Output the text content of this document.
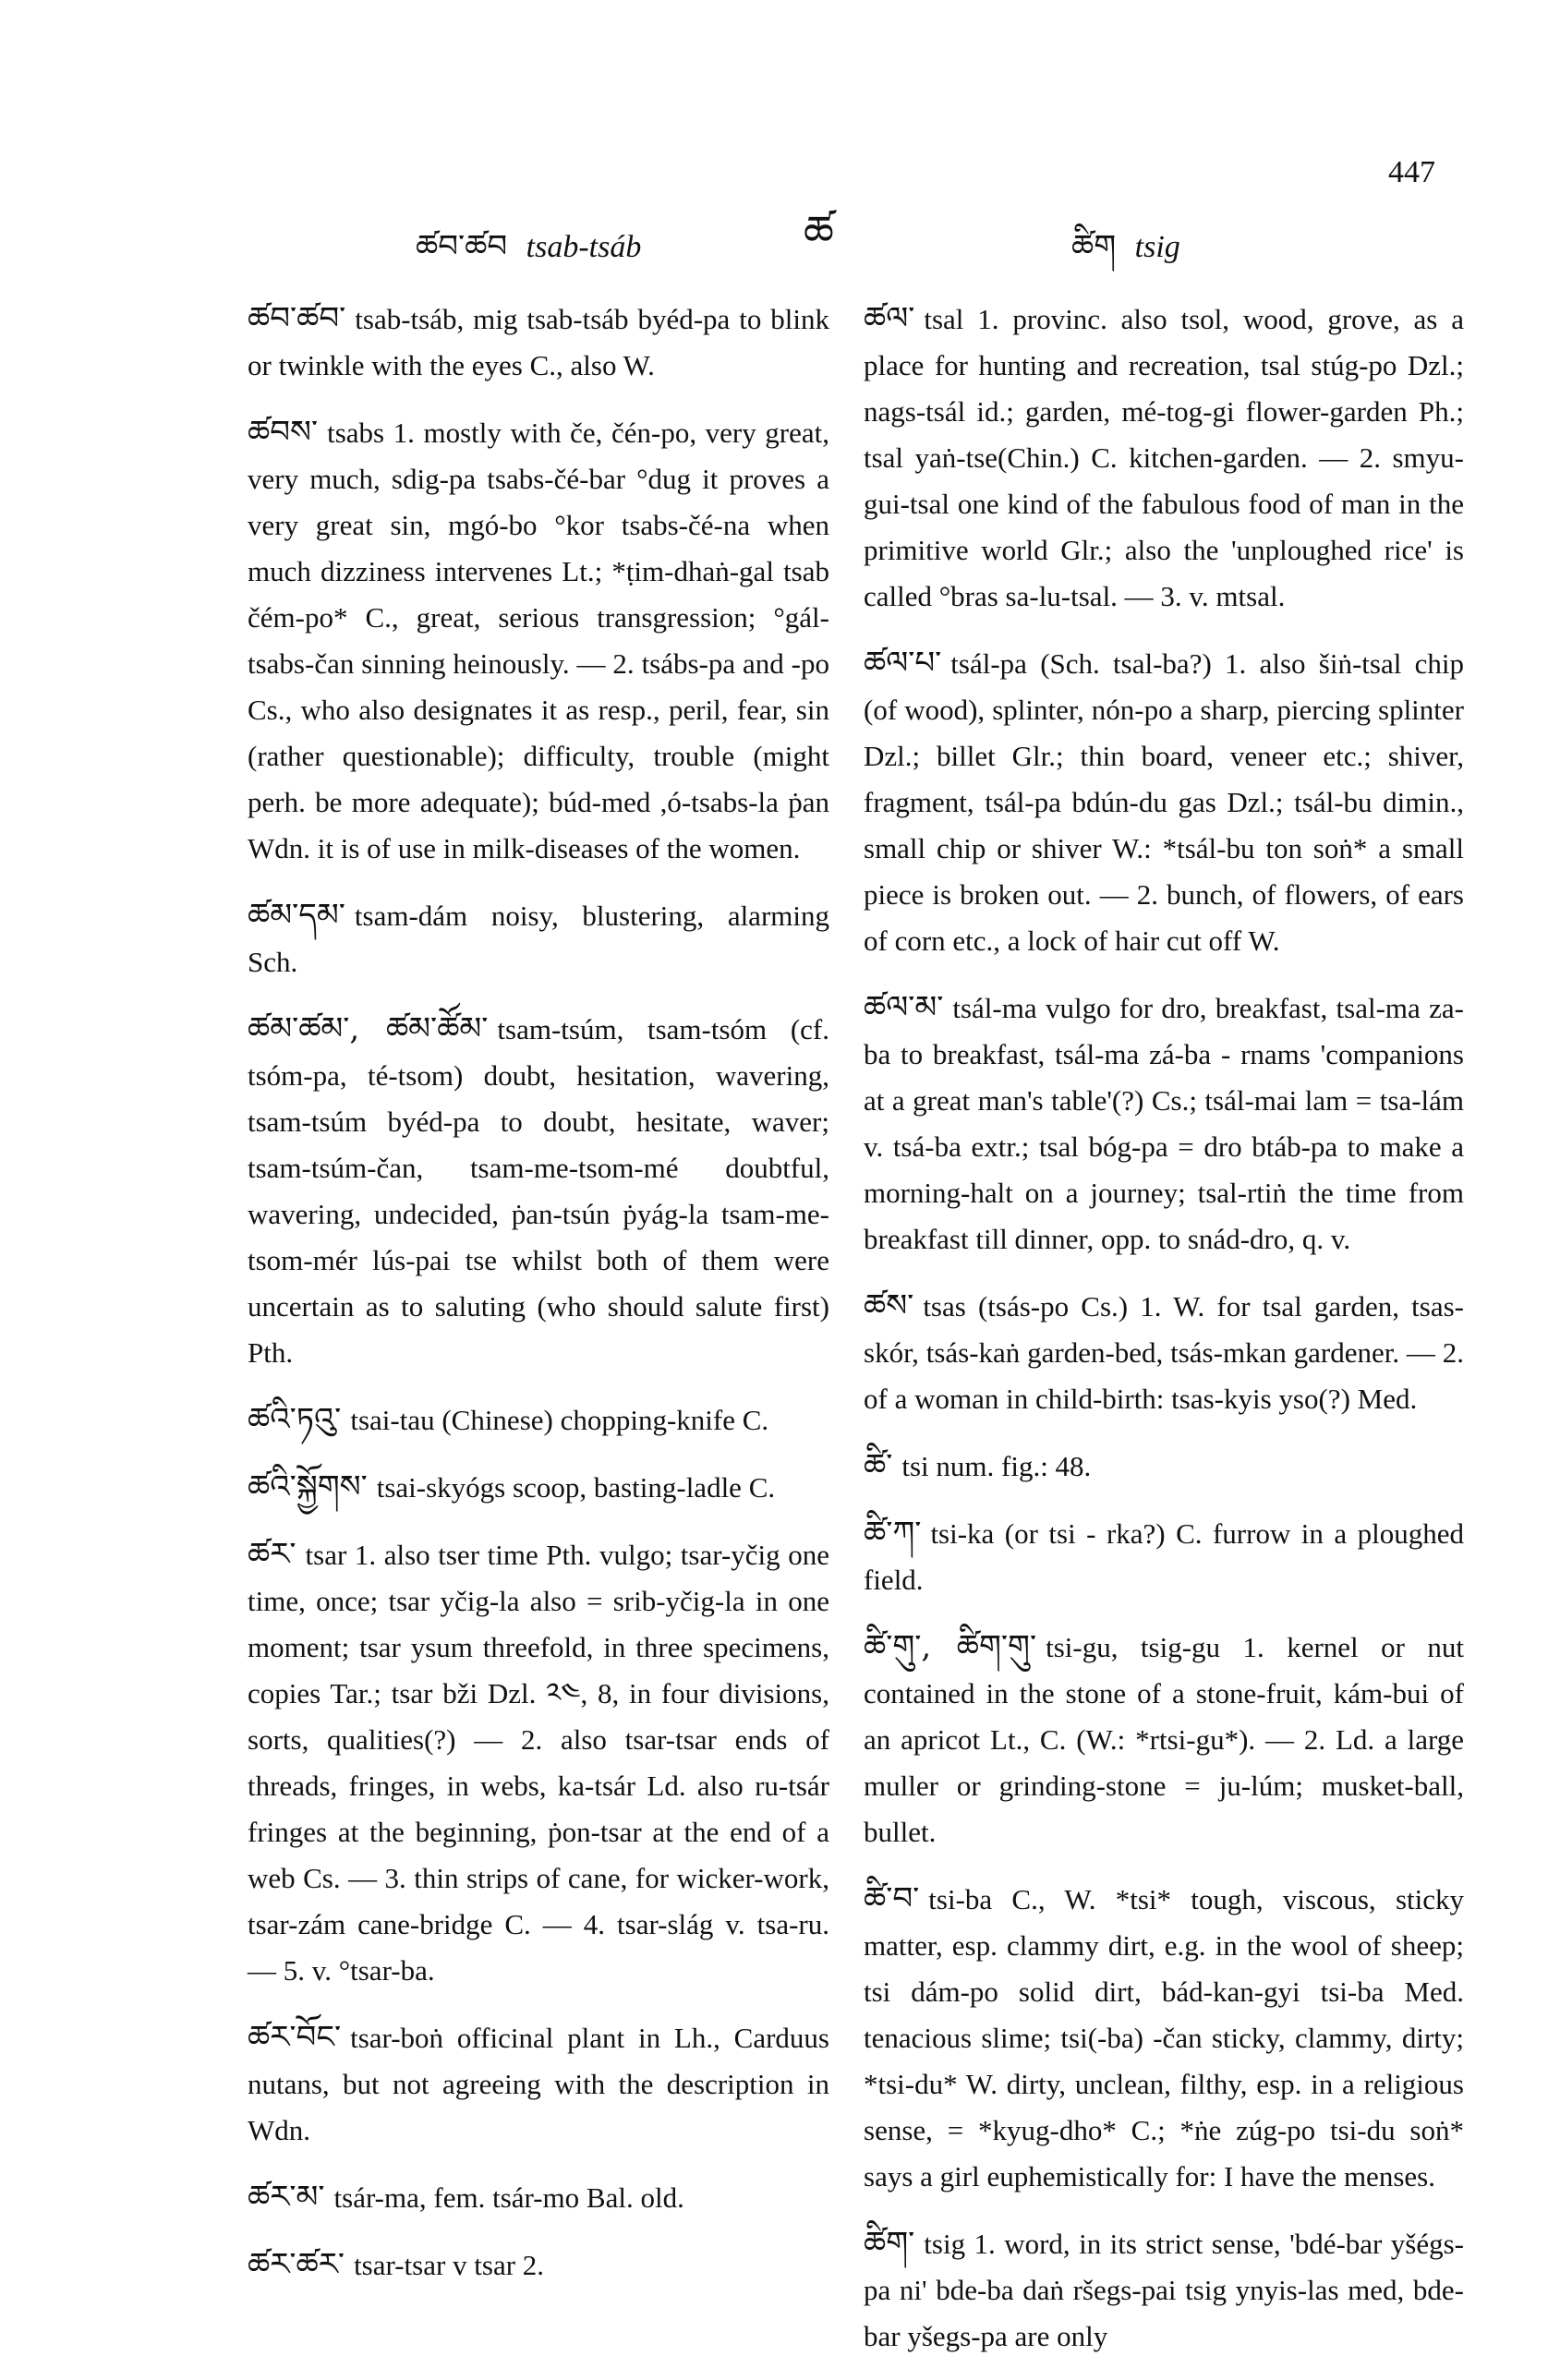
447
ཚ
ཚབ་ཚབ tsab-tsáb	ཚིག tsig

ཚབ་ཚབ་ tsab-tsáb, mig tsab-tsáb byéd-pa to blink or twinkle with the eyes C., also W.

ཚབས་ tsabs 1. mostly with če, čén-po, very great, very much, sdig-pa tsabs-čé-bar °dug it proves a very great sin, mgó-bo °kor tsabs-čé-na when much dizziness intervenes Lt.; *ṭim-dhaṅ-gal tsab čém-po* C., great, serious transgression; °gál-tsabs-čan sinning heinously. — 2. tsábs-pa and -po Cs., who also designates it as resp., peril, fear, sin (rather questionable); difficulty, trouble (might perh. be more adequate); búd-med ,ó-tsabs-la ṗan Wdn. it is of use in milk-diseases of the women.

ཚམ་དམ་ tsam-dám noisy, blustering, alarming Sch.

ཚམ་ཚམ་, ཚམ་ཚོམ་ tsam-tsúm, tsam-tsóm (cf. tsóm-pa, té-tsom) doubt, hesitation, wavering, tsam-tsúm byéd-pa to doubt, hesitate, waver; tsam-tsúm-čan, tsam-me-tsom-mé doubtful, wavering, undecided, ṗan-tsún ṗyág-la tsam-me-tsom-mér lús-pai tse whilst both of them were uncertain as to saluting (who should salute first) Pth.

ཚའི་ཏའུ་ tsai-tau (Chinese) chopping-knife C.

ཚའི་སྐྱོགས་ tsai-skyógs scoop, basting-ladle C.

ཚར་ tsar 1. also tser time Pth. vulgo; tsar-yčig one time, once; tsar yčig-la also = srib-yčig-la in one moment; tsar ysum threefold, in three specimens, copies Tar.; tsar bži Dzl. ༢༤, 8, in four divisions, sorts, qualities(?) — 2. also tsar-tsar ends of threads, fringes, in webs, ka-tsár Ld. also ru-tsár fringes at the beginning, ṗon-tsar at the end of a web Cs. — 3. thin strips of cane, for wicker-work, tsar-zám cane-bridge C. — 4. tsar-slág v. tsa-ru. — 5. v. °tsar-ba.

ཚར་བོང་ tsar-boṅ officinal plant in Lh., Carduus nutans, but not agreeing with the description in Wdn.

ཚར་མ་ tsár-ma, fem. tsár-mo Bal. old.

ཚར་ཚར་ tsar-tsar v tsar 2.

ཚལ་ tsal 1. provinc. also tsol, wood, grove, as a place for hunting and recreation, tsal stúg-po Dzl.; nags-tsál id.; garden, mé-tog-gi flower-garden Ph.; tsal yaṅ-tse(Chin.) C. kitchen-garden. — 2. smyu-gui-tsal one kind of the fabulous food of man in the primitive world Glr.; also the 'unploughed rice' is called °bras sa-lu-tsal. — 3. v. mtsal.

ཚལ་པ་ tsál-pa (Sch. tsal-ba?) 1. also šiṅ-tsal chip (of wood), splinter, nón-po a sharp, piercing splinter Dzl.; billet Glr.; thin board, veneer etc.; shiver, fragment, tsál-pa bdún-du gas Dzl.; tsál-bu dimin., small chip or shiver W.: *tsál-bu ton soṅ* a small piece is broken out. — 2. bunch, of flowers, of ears of corn etc., a lock of hair cut off W.

ཚལ་མ་ tsál-ma vulgo for dro, breakfast, tsal-ma za-ba to breakfast, tsál-ma zá-ba - rnams 'companions at a great man's table'(?) Cs.; tsál-mai lam = tsa-lám v. tsá-ba extr.; tsal bóg-pa = dro btáb-pa to make a morning-halt on a journey; tsal-rtiṅ the time from breakfast till dinner, opp. to snád-dro, q. v.

ཚས་ tsas (tsás-po Cs.) 1. W. for tsal garden, tsas-skór, tsás-kaṅ garden-bed, tsás-mkan gardener. — 2. of a woman in child-birth: tsas-kyis yso(?) Med.

ཚི་ tsi num. fig.: 48.

ཚི་ཀ་ tsi-ka (or tsi - rka?) C. furrow in a ploughed field.

ཚི་གུ་, ཚིག་གུ་ tsi-gu, tsig-gu 1. kernel or nut contained in the stone of a stone-fruit, kám-bui of an apricot Lt., C. (W.: *rtsi-gu*). — 2. Ld. a large muller or grinding-stone = ju-lúm; musket-ball, bullet.

ཚི་བ་ tsi-ba C., W. *tsi* tough, viscous, sticky matter, esp. clammy dirt, e.g. in the wool of sheep; tsi dám-po solid dirt, bád-kan-gyi tsi-ba Med. tenacious slime; tsi(-ba) -čan sticky, clammy, dirty; *tsi-du* W. dirty, unclean, filthy, esp. in a religious sense, = *kyug-dho* C.; *ṅe zúg-po tsi-du soṅ* says a girl euphemistically for: I have the menses.

ཚིག་ tsig 1. word, in its strict sense, 'bdé-bar yšégs-pa ni' bde-ba daṅ ršegs-pai tsig ynyis-las med, bde-bar yšegs-pa are only
